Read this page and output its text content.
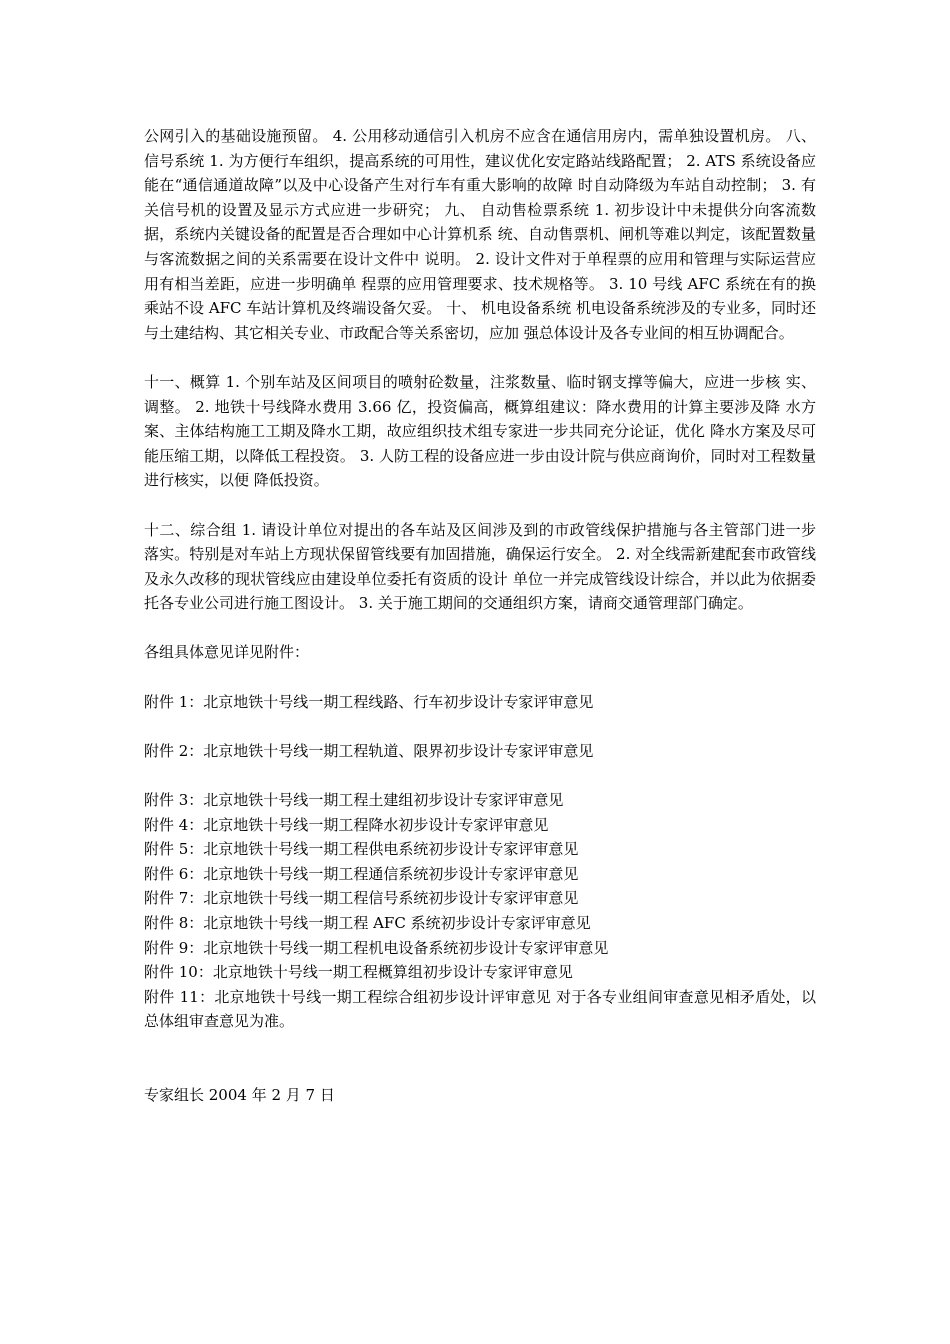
公网引入的基础设施预留。 4. 公用移动通信引入机房不应含在通信用房内，需单独设置机房。 八、 信号系统 1. 为方便行车组织，提高系统的可用性，建议优化安定路站线路配置； 2. ATS 系统设备应能在“通信通道故障”以及中心设备产生对行车有重大影响的故障 时自动降级为车站自动控制； 3. 有关信号机的设置及显示方式应进一步研究； 九、 自动售检票系统 1. 初步设计中未提供分向客流数据，系统内关键设备的配置是否合理如中心计算机系 统、自动售票机、闸机等难以判定，该配置数量与客流数据之间的关系需要在设计文件中 说明。 2. 设计文件对于单程票的应用和管理与实际运营应用有相当差距，应进一步明确单 程票的应用管理要求、技术规格等。 3. 10 号线 AFC 系统在有的换乘站不设 AFC 车站计算机及终端设备欠妥。 十、 机电设备系统 机电设备系统涉及的专业多，同时还与土建结构、其它相关专业、市政配合等关系密切，应加 强总体设计及各专业间的相互协调配合。

十一、概算 1. 个别车站及区间项目的喷射砼数量，注浆数量、临时钢支撑等偏大，应进一步核 实、调整。 2. 地铁十号线降水费用 3.66 亿，投资偏高，概算组建议：降水费用的计算主要涉及降 水方案、主体结构施工工期及降水工期，故应组织技术组专家进一步共同充分论证，优化 降水方案及尽可能压缩工期，以降低工程投资。 3. 人防工程的设备应进一步由设计院与供应商询价，同时对工程数量进行核实，以便 降低投资。

十二、综合组 1. 请设计单位对提出的各车站及区间涉及到的市政管线保护措施与各主管部门进一步 落实。特别是对车站上方现状保留管线要有加固措施，确保运行安全。 2. 对全线需新建配套市政管线及永久改移的现状管线应由建设单位委托有资质的设计 单位一并完成管线设计综合，并以此为依据委托各专业公司进行施工图设计。 3. 关于施工期间的交通组织方案，请商交通管理部门确定。

各组具体意见详见附件：

附件 1：北京地铁十号线一期工程线路、行车初步设计专家评审意见

附件 2：北京地铁十号线一期工程轨道、限界初步设计专家评审意见

附件 3：北京地铁十号线一期工程土建组初步设计专家评审意见

附件 4：北京地铁十号线一期工程降水初步设计专家评审意见

附件 5：北京地铁十号线一期工程供电系统初步设计专家评审意见

附件 6：北京地铁十号线一期工程通信系统初步设计专家评审意见

附件 7：北京地铁十号线一期工程信号系统初步设计专家评审意见

附件 8：北京地铁十号线一期工程 AFC 系统初步设计专家评审意见

附件 9：北京地铁十号线一期工程机电设备系统初步设计专家评审意见

附件 10：北京地铁十号线一期工程概算组初步设计专家评审意见

附件 11：北京地铁十号线一期工程综合组初步设计评审意见 对于各专业组间审查意见相矛盾处，以总体组审查意见为准。

专家组长 2004 年 2 月 7 日
